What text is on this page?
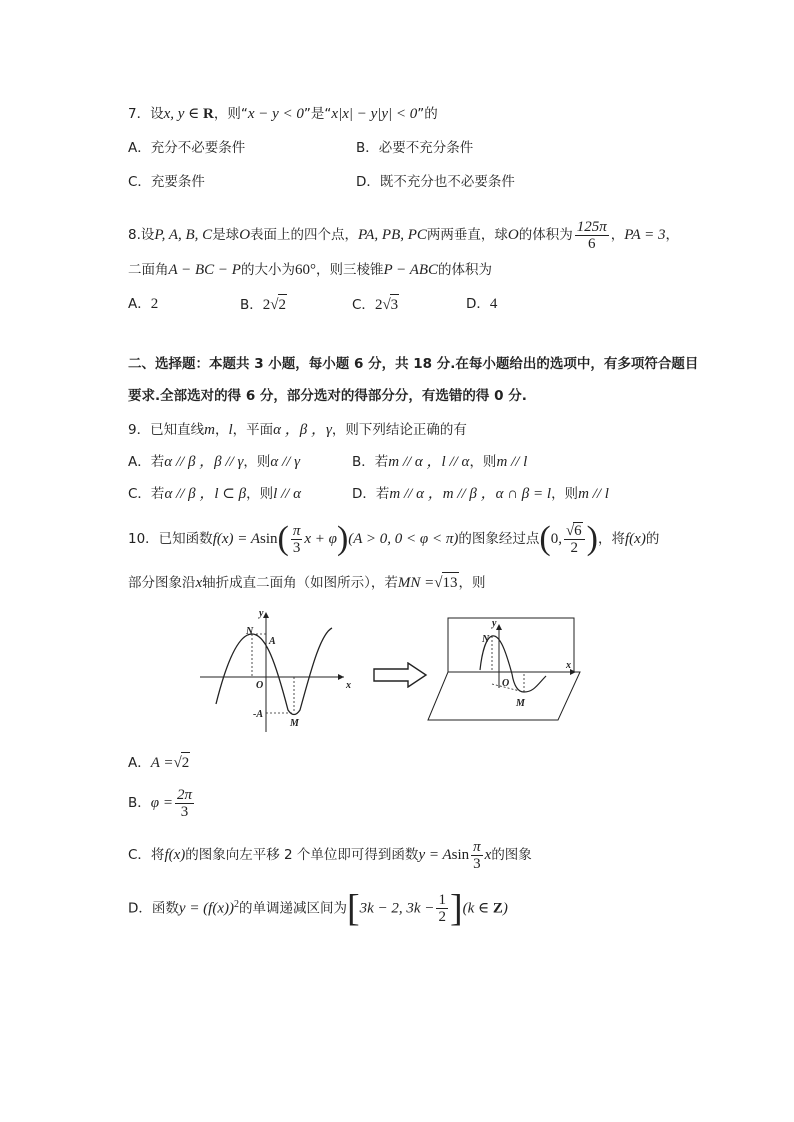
7．设x, y ∈ R，则“x − y < 0”是“x|x| − y|y| < 0”的
A．充分不必要条件	B．必要不充分条件
C．充要条件	D．既不充分也不必要条件
8.设P, A, B, C是球O表面上的四个点，PA, PB, PC两两垂直，球O的体积为 $\frac{125\pi}{6}$ ，PA = 3，
二面角A − BC − P的大小为60°，则三棱锥P − ABC的体积为
A．2	B．2√2	C．2√3	D．4
二、选择题：本题共 3 小题，每小题 6 分，共 18 分.在每小题给出的选项中，有多项符合题目
要求.全部选对的得 6 分，部分选对的得部分分，有选错的得 0 分.
9．已知直线m，l，平面α ，β ，γ，则下列结论正确的有
A．若α // β ，β // γ，则α // γ	B．若m // α ，l // α，则m // l
C．若α // β ，l ⊂ β，则l // α	D．若m // α ，m // β ，α ∩ β = l，则m // l
10．已知函数$f(x) = Asin( \frac{\pi}{3}$ x + φ)(A > 0, 0 < φ < π)的图象经过点(0, $\frac{√6}{2}$ )，将f(x)的
部分图象沿x轴折成直二面角（如图所示），若MN =√13，则
y
x
N
A
O
-A
M
y
x
N
O
M
A．A =√2
B．$\varphi = \frac{2\pi}{3}$
C．将f(x)的图象向左平移 2 个单位即可得到函数y = Asin $\frac{\pi}{3}$ x的图象
D．函数$y = (f(x))^2$的单调递减区间为[3k − 2, $3k - \frac{1}{2} ](k$ ∈ Z)
